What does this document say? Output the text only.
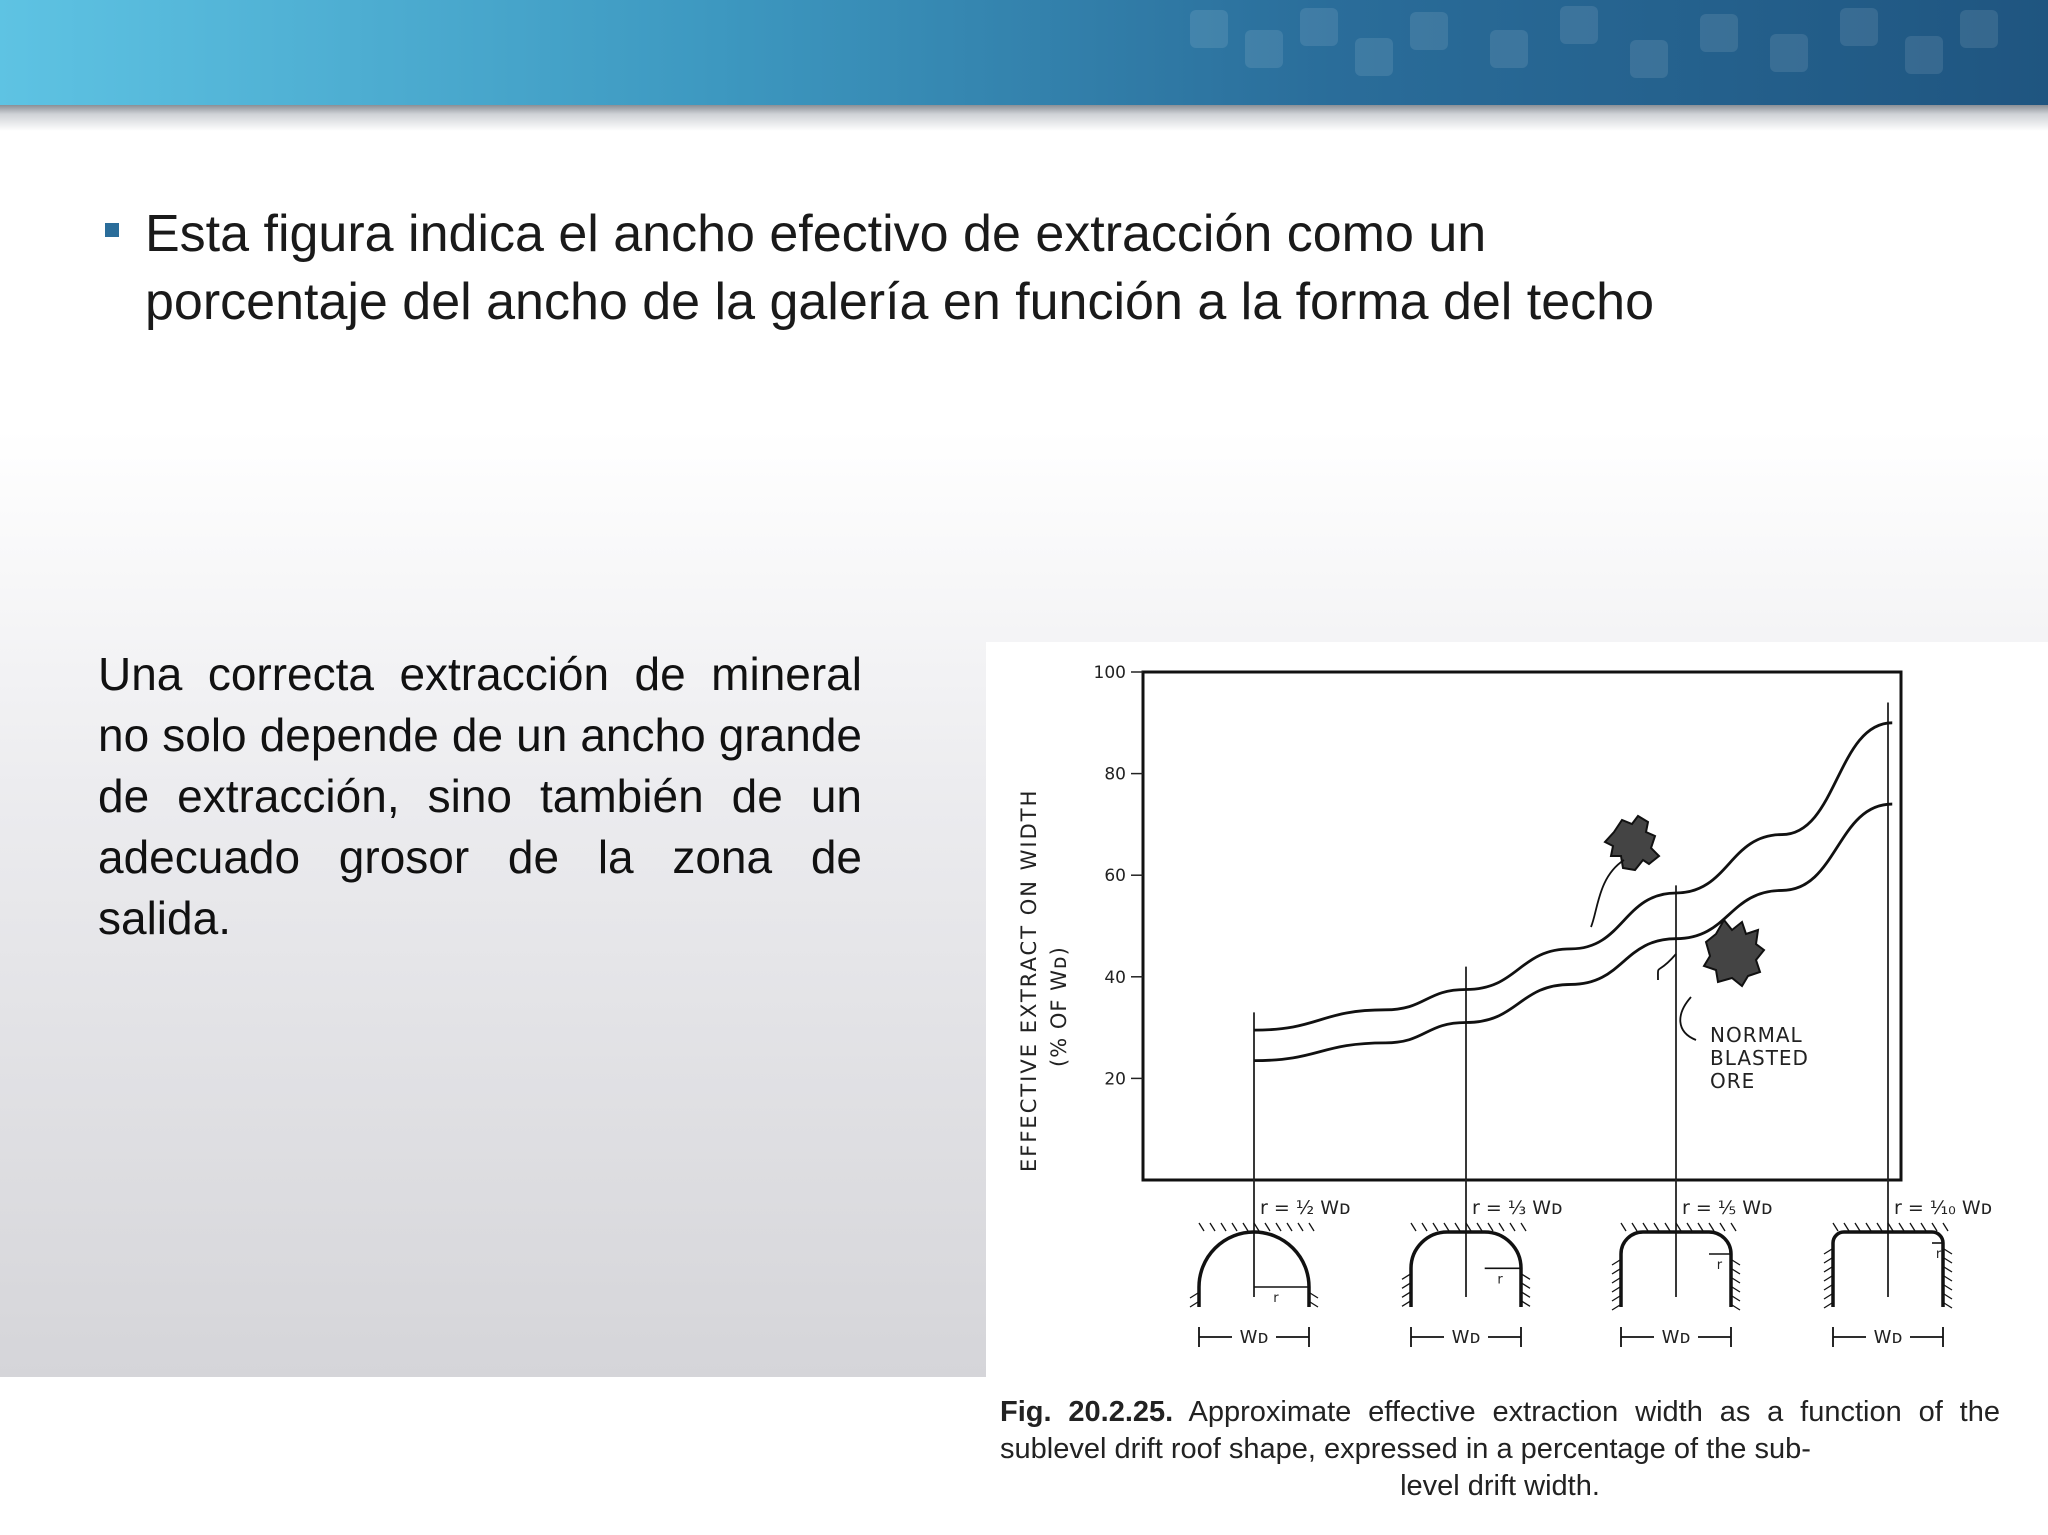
Esta figura indica el ancho efectivo de extracción como un porcentaje del ancho de la galería en función a la forma del techo
Una correcta extracción de mineral no solo depende de un ancho grande de extracción, sino también de un adecuado grosor de la zona de salida.	EFFECTIVE EXTRACT ON WIDTH (% OF Wᴅ)
100
80
60
40
20
NORMAL
BLASTED
ORE
r = ½ Wᴅ	r = ⅓ Wᴅ	r = ⅕ Wᴅ	r = ⅒ Wᴅ
r
r
r
r
Wᴅ	Wᴅ	Wᴅ	Wᴅ
Fig. 20.2.25. Approximate effective extraction width as a function of the sublevel drift roof shape, expressed in a percentage of the sub-
level drift width.
